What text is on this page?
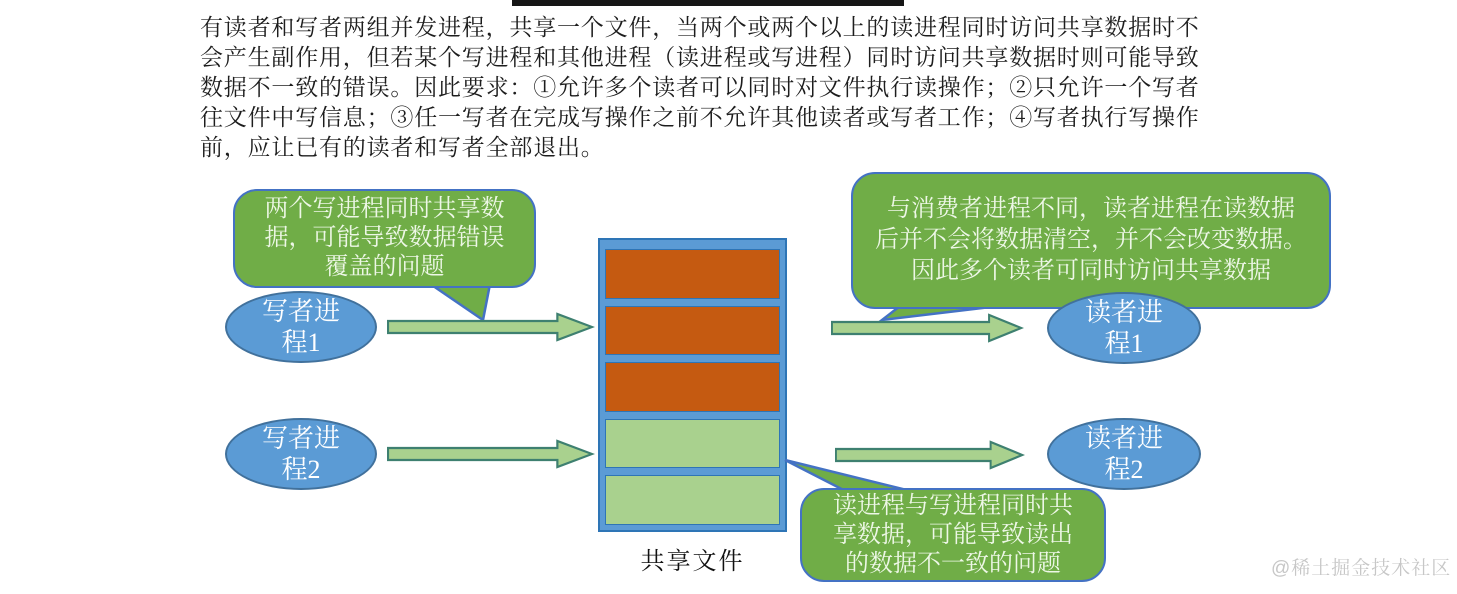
有读者和写者两组并发进程，共享一个文件，当两个或两个以上的读进程同时访问共享数据时不
会产生副作用，但若某个写进程和其他进程（读进程或写进程）同时访问共享数据时则可能导致
数据不一致的错误。因此要求：①允许多个读者可以同时对文件执行读操作；②只允许一个写者
往文件中写信息；③任一写者在完成写操作之前不允许其他读者或写者工作；④写者执行写操作
前，应让已有的读者和写者全部退出。
两个写进程同时共享数
据，可能导致数据错误
覆盖的问题
与消费者进程不同，读者进程在读数据
后并不会将数据清空，并不会改变数据。
因此多个读者可同时访问共享数据
读进程与写进程同时共
享数据，可能导致读出
的数据不一致的问题
写者进
程1
写者进
程2
读者进
程1
读者进
程2
共享文件	@稀土掘金技术社区
